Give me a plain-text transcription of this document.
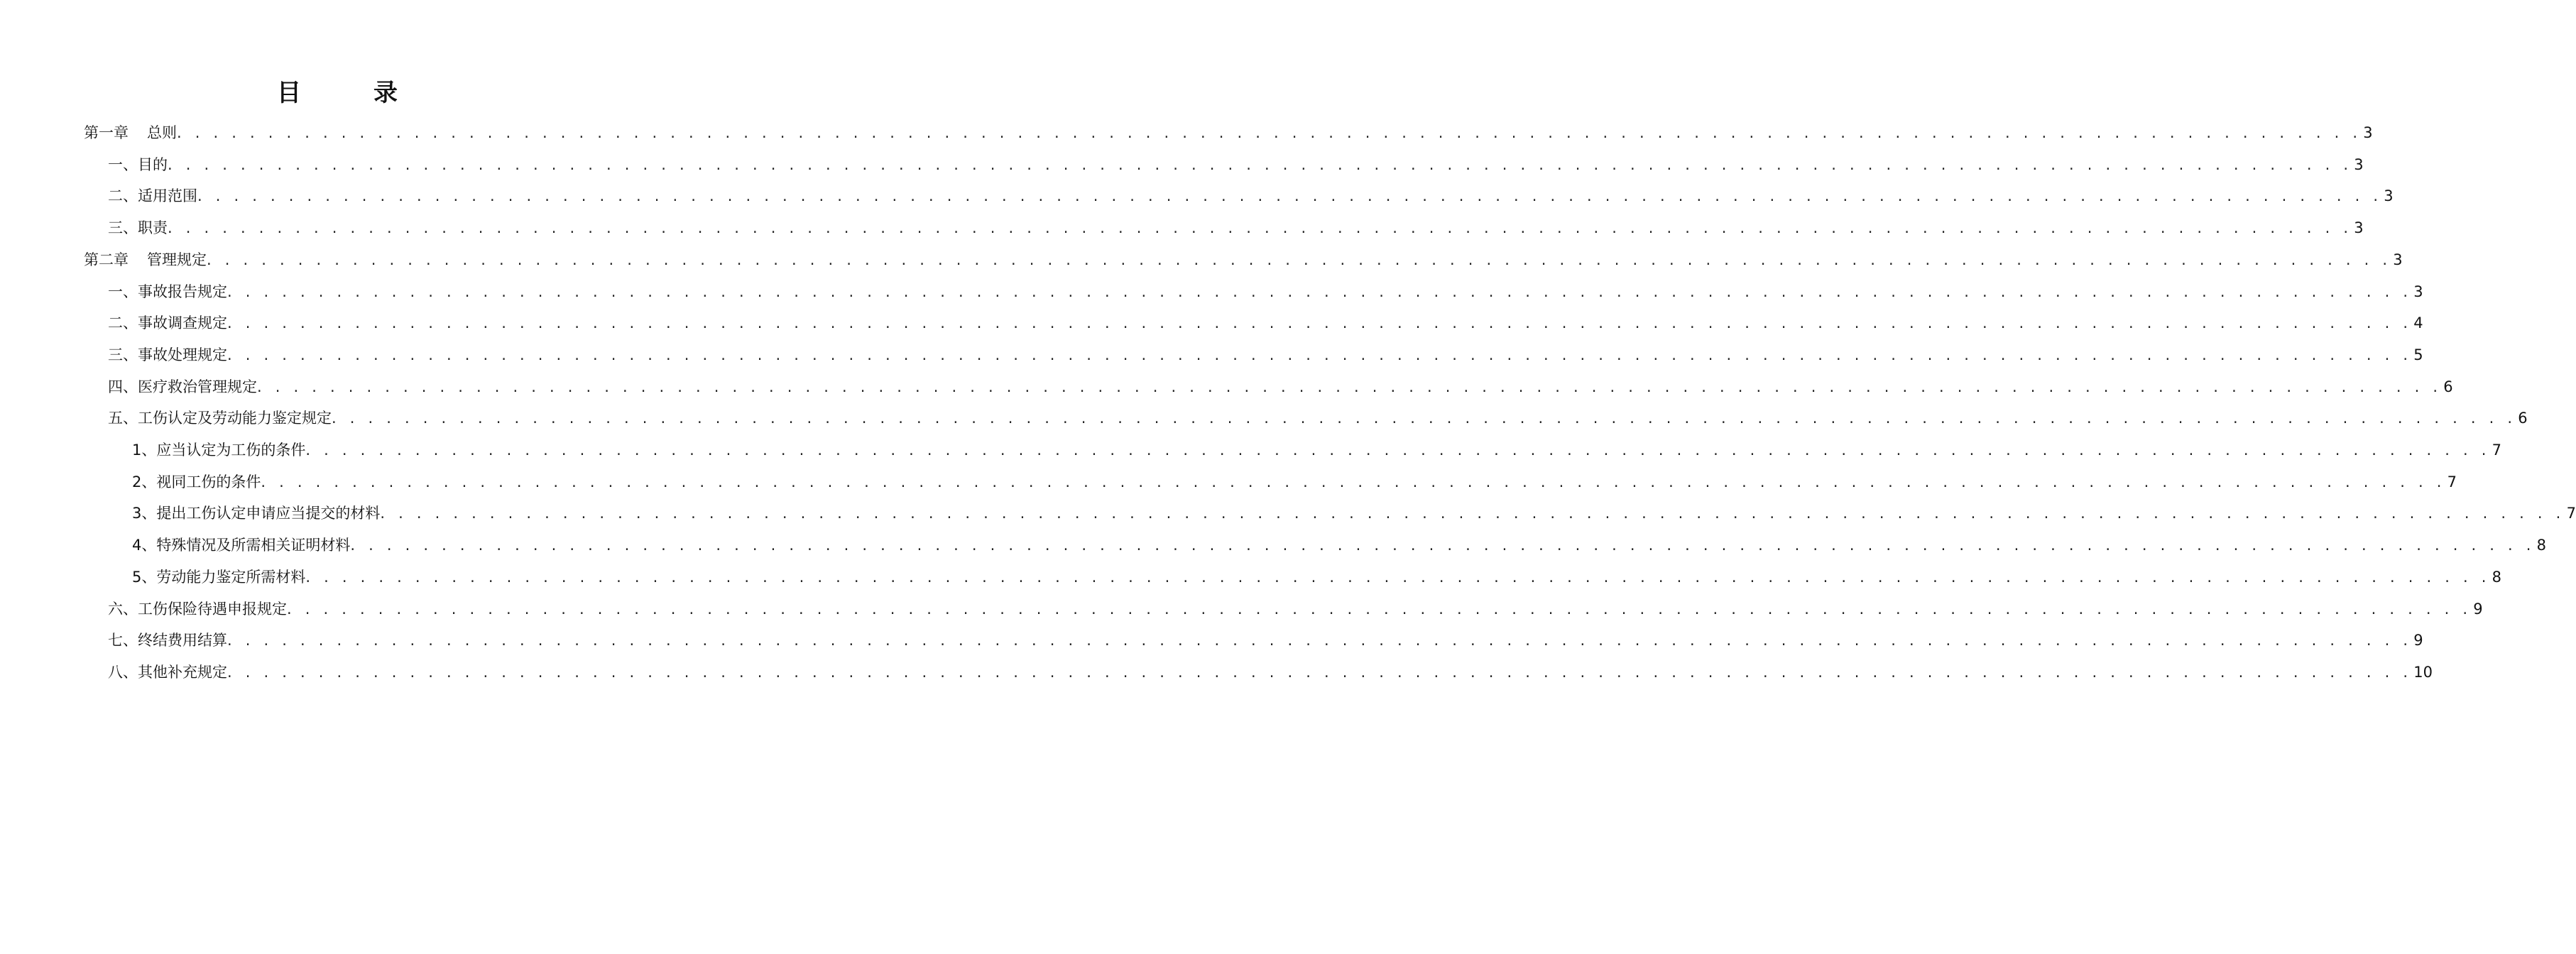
目　录
第一章 总则 . . . . . . . . . . . . . . . . . . . . . . . . . . . . . . . . . . . . . . . . . . . . . . . . . . . . . . . . . . . . . . . . . . . . . . . . . . . . . . . . . . . . . . . . . . . . . . . . . . . . . . . . . . . . . . . . . . . . . . . . 3
一、目的 . . . . . . . . . . . . . . . . . . . . . . . . . . . . . . . . . . . . . . . . . . . . . . . . . . . . . . . . . . . . . . . . . . . . . . . . . . . . . . . . . . . . . . . . . . . . . . . . . . . . . . . . . . . . . . . . . . . . . . . . 3
二、适用范围 . . . . . . . . . . . . . . . . . . . . . . . . . . . . . . . . . . . . . . . . . . . . . . . . . . . . . . . . . . . . . . . . . . . . . . . . . . . . . . . . . . . . . . . . . . . . . . . . . . . . . . . . . . . . . . . . . . . . . . . . 3
三、职责 . . . . . . . . . . . . . . . . . . . . . . . . . . . . . . . . . . . . . . . . . . . . . . . . . . . . . . . . . . . . . . . . . . . . . . . . . . . . . . . . . . . . . . . . . . . . . . . . . . . . . . . . . . . . . . . . . . . . . . . . 3
第二章 管理规定 . . . . . . . . . . . . . . . . . . . . . . . . . . . . . . . . . . . . . . . . . . . . . . . . . . . . . . . . . . . . . . . . . . . . . . . . . . . . . . . . . . . . . . . . . . . . . . . . . . . . . . . . . . . . . . . . . . . . . . . . 3
一、事故报告规定 . . . . . . . . . . . . . . . . . . . . . . . . . . . . . . . . . . . . . . . . . . . . . . . . . . . . . . . . . . . . . . . . . . . . . . . . . . . . . . . . . . . . . . . . . . . . . . . . . . . . . . . . . . . . . . . . . . . . . . . . 3
二、事故调查规定 . . . . . . . . . . . . . . . . . . . . . . . . . . . . . . . . . . . . . . . . . . . . . . . . . . . . . . . . . . . . . . . . . . . . . . . . . . . . . . . . . . . . . . . . . . . . . . . . . . . . . . . . . . . . . . . . . . . . . . . . 4
三、事故处理规定 . . . . . . . . . . . . . . . . . . . . . . . . . . . . . . . . . . . . . . . . . . . . . . . . . . . . . . . . . . . . . . . . . . . . . . . . . . . . . . . . . . . . . . . . . . . . . . . . . . . . . . . . . . . . . . . . . . . . . . . . 5
四、医疗救治管理规定 . . . . . . . . . . . . . . . . . . . . . . . . . . . . . . . . . . . . . . . . . . . . . . . . . . . . . . . . . . . . . . . . . . . . . . . . . . . . . . . . . . . . . . . . . . . . . . . . . . . . . . . . . . . . . . . . . . . . . . . . 6
五、工伤认定及劳动能力鉴定规定 . . . . . . . . . . . . . . . . . . . . . . . . . . . . . . . . . . . . . . . . . . . . . . . . . . . . . . . . . . . . . . . . . . . . . . . . . . . . . . . . . . . . . . . . . . . . . . . . . . . . . . . . . . . . . . . . . . . . . . . . 6
1、应当认定为工伤的条件 . . . . . . . . . . . . . . . . . . . . . . . . . . . . . . . . . . . . . . . . . . . . . . . . . . . . . . . . . . . . . . . . . . . . . . . . . . . . . . . . . . . . . . . . . . . . . . . . . . . . . . . . . . . . . . . . . . . . . . . . 7
2、视同工伤的条件 . . . . . . . . . . . . . . . . . . . . . . . . . . . . . . . . . . . . . . . . . . . . . . . . . . . . . . . . . . . . . . . . . . . . . . . . . . . . . . . . . . . . . . . . . . . . . . . . . . . . . . . . . . . . . . . . . . . . . . . . 7
3、提出工伤认定申请应当提交的材料 . . . . . . . . . . . . . . . . . . . . . . . . . . . . . . . . . . . . . . . . . . . . . . . . . . . . . . . . . . . . . . . . . . . . . . . . . . . . . . . . . . . . . . . . . . . . . . . . . . . . . . . . . . . . . . . . . . . . . . . . 7
4、特殊情况及所需相关证明材料 . . . . . . . . . . . . . . . . . . . . . . . . . . . . . . . . . . . . . . . . . . . . . . . . . . . . . . . . . . . . . . . . . . . . . . . . . . . . . . . . . . . . . . . . . . . . . . . . . . . . . . . . . . . . . . . . . . . . . . . . 8
5、劳动能力鉴定所需材料 . . . . . . . . . . . . . . . . . . . . . . . . . . . . . . . . . . . . . . . . . . . . . . . . . . . . . . . . . . . . . . . . . . . . . . . . . . . . . . . . . . . . . . . . . . . . . . . . . . . . . . . . . . . . . . . . . . . . . . . . 8
六、工伤保险待遇申报规定 . . . . . . . . . . . . . . . . . . . . . . . . . . . . . . . . . . . . . . . . . . . . . . . . . . . . . . . . . . . . . . . . . . . . . . . . . . . . . . . . . . . . . . . . . . . . . . . . . . . . . . . . . . . . . . . . . . . . . . . . 9
七、终结费用结算 . . . . . . . . . . . . . . . . . . . . . . . . . . . . . . . . . . . . . . . . . . . . . . . . . . . . . . . . . . . . . . . . . . . . . . . . . . . . . . . . . . . . . . . . . . . . . . . . . . . . . . . . . . . . . . . . . . . . . . . . 9
八、其他补充规定 . . . . . . . . . . . . . . . . . . . . . . . . . . . . . . . . . . . . . . . . . . . . . . . . . . . . . . . . . . . . . . . . . . . . . . . . . . . . . . . . . . . . . . . . . . . . . . . . . . . . . . . . . . . . . . . . . . . . . . . . 10
